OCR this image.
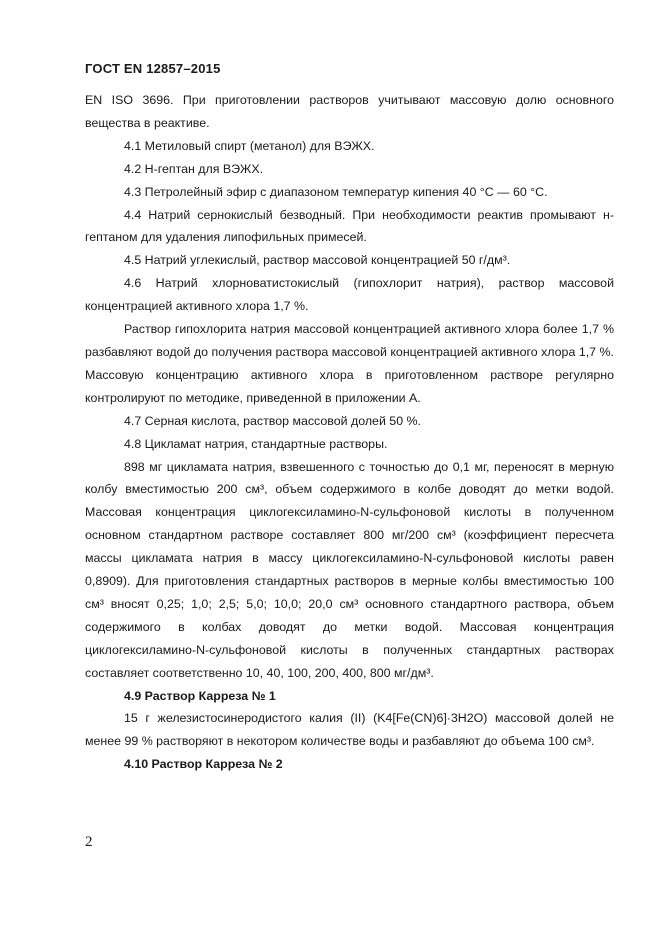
ГОСТ EN 12857–2015

EN ISO 3696. При приготовлении растворов учитывают массовую долю основного вещества в реактиве.

4.1 Метиловый спирт (метанол) для ВЭЖХ.

4.2 Н-гептан для ВЭЖХ.

4.3 Петролейный эфир с диапазоном температур кипения 40 °С — 60 °С.

4.4 Натрий сернокислый безводный. При необходимости реактив промывают н-гептаном для удаления липофильных примесей.

4.5 Натрий углекислый, раствор массовой концентрацией 50 г/дм³.

4.6 Натрий хлорноватистокислый (гипохлорит натрия), раствор массовой концентрацией активного хлора 1,7 %.

Раствор гипохлорита натрия массовой концентрацией активного хлора более 1,7 % разбавляют водой до получения раствора массовой концентрацией активного хлора 1,7 %. Массовую концентрацию активного хлора в приготовленном растворе регулярно контролируют по методике, приведенной в приложении А.

4.7 Серная кислота, раствор массовой долей 50 %.

4.8 Цикламат натрия, стандартные растворы.

898 мг цикламата натрия, взвешенного с точностью до 0,1 мг, переносят в мерную колбу вместимостью 200 см³, объем содержимого в колбе доводят до метки водой. Массовая концентрация циклогексиламино-N-сульфоновой кислоты в полученном основном стандартном растворе составляет 800 мг/200 см³ (коэффициент пересчета массы цикламата натрия в массу циклогексиламино-N-сульфоновой кислоты равен 0,8909). Для приготовления стандартных растворов в мерные колбы вместимостью 100 см³ вносят 0,25; 1,0; 2,5; 5,0; 10,0; 20,0 см³ основного стандартного раствора, объем содержимого в колбах доводят до метки водой. Массовая концентрация циклогексиламино-N-сульфоновой кислоты в полученных стандартных растворах составляет соответственно 10, 40, 100, 200, 400, 800 мг/дм³.

4.9 Раствор Карреза № 1

15 г железистосинеродистого калия (II) (K4[Fe(CN)6]·3H2O) массовой долей не менее 99 % растворяют в некотором количестве воды и разбавляют до объема 100 см³.

4.10 Раствор Карреза № 2

2
